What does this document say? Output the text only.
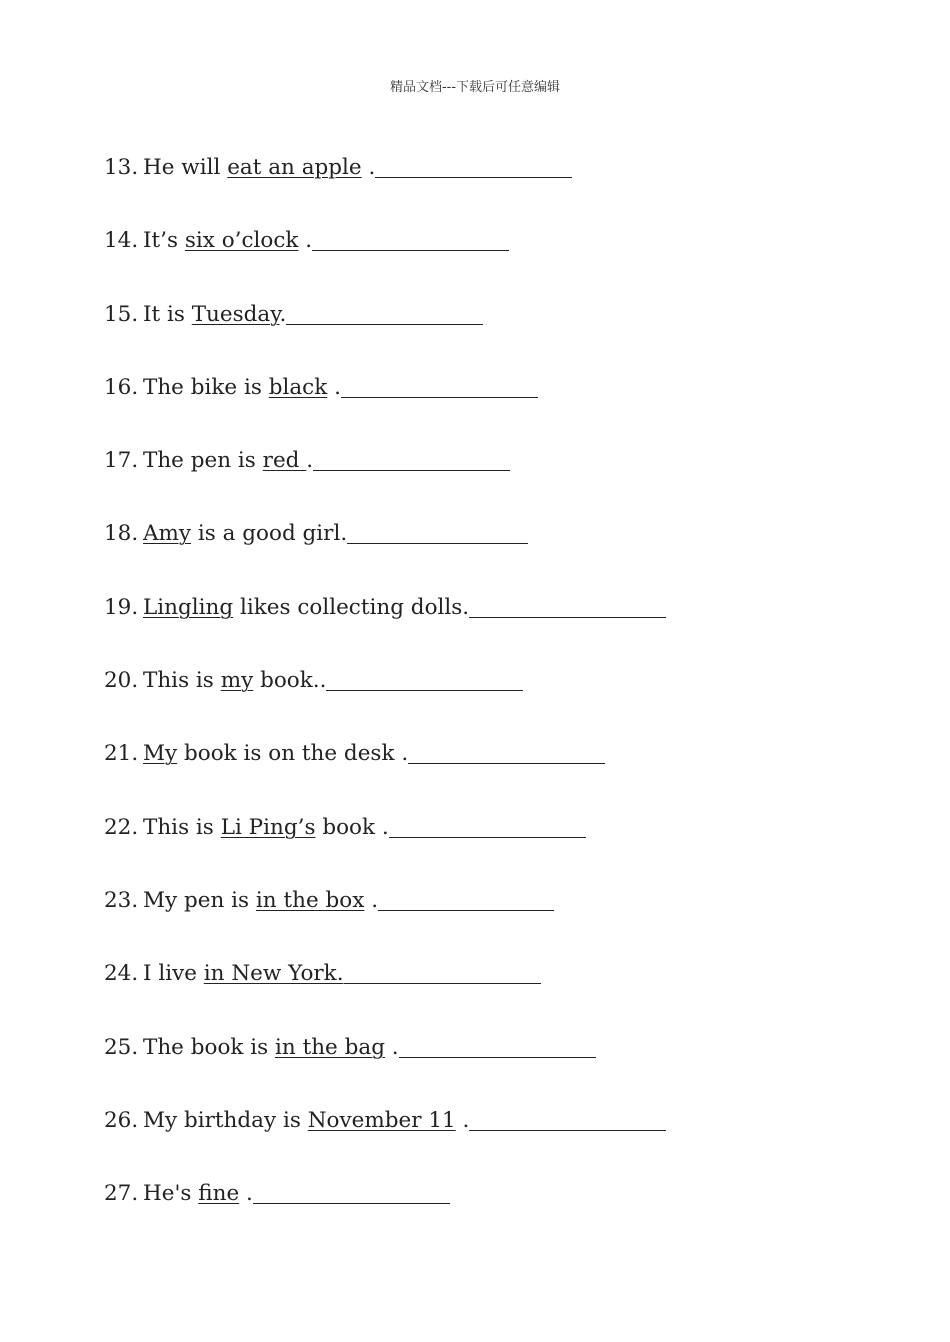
精品文档---下载后可任意编辑
13. He will eat an apple .
14. It’s six o’clock .
15. It is Tuesday.
16. The bike is black .
17. The pen is red .
18. Amy is a good girl.
19. Lingling likes collecting dolls.
20. This is my book..
21. My book is on the desk .
22. This is Li Ping’s book .
23. My pen is in the box .
24. I live in New York.
25. The book is in the bag .
26. My birthday is November 11 .
27. He's fine .
